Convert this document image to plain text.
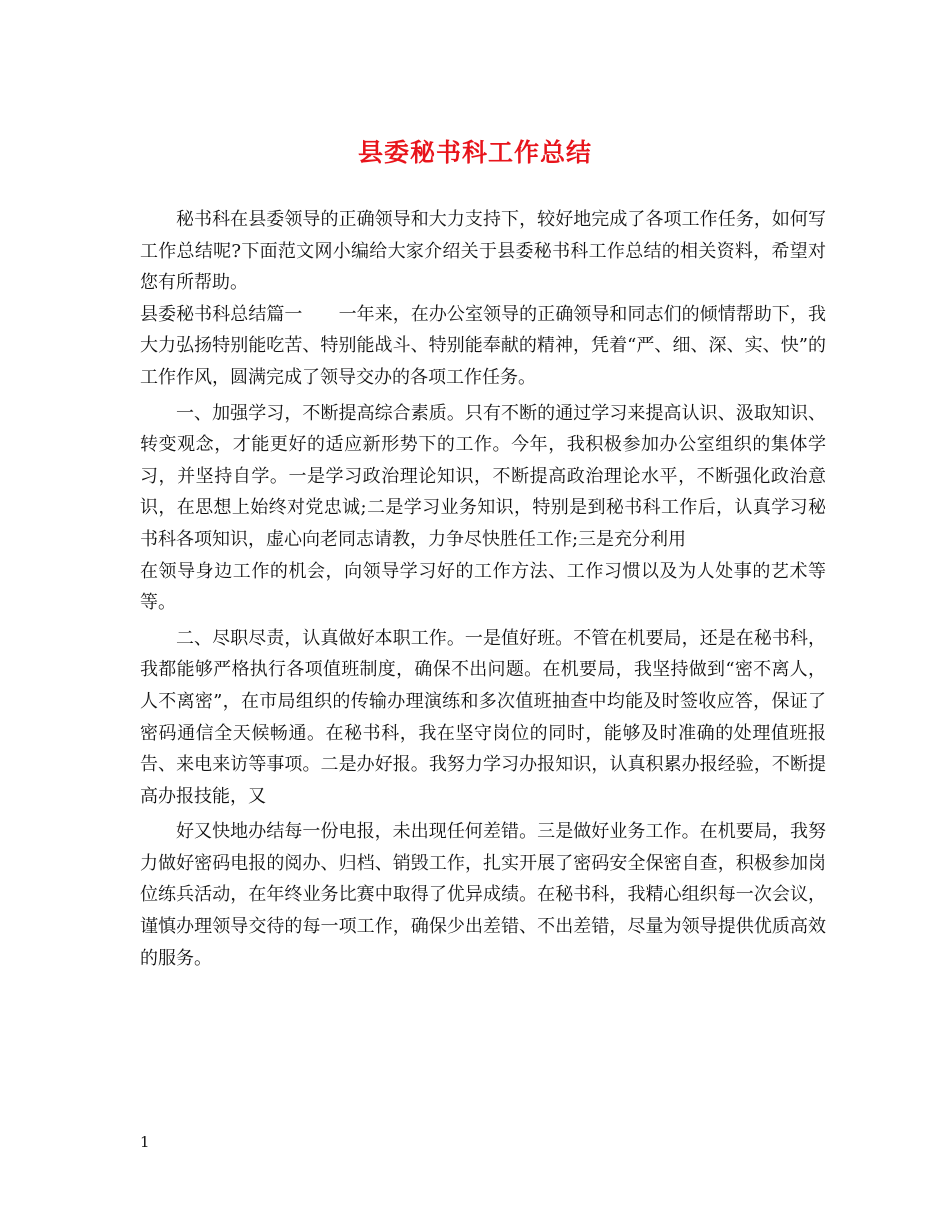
县委秘书科工作总结

秘书科在县委领导的正确领导和大力支持下，较好地完成了各项工作任务，如何写工作总结呢?下面范文网小编给大家介绍关于县委秘书科工作总结的相关资料，希望对您有所帮助。

县委秘书科总结篇一　　一年来，在办公室领导的正确领导和同志们的倾情帮助下，我大力弘扬特别能吃苦、特别能战斗、特别能奉献的精神，凭着“严、细、深、实、快”的工作作风，圆满完成了领导交办的各项工作任务。

一、加强学习，不断提高综合素质。只有不断的通过学习来提高认识、汲取知识、转变观念，才能更好的适应新形势下的工作。今年，我积极参加办公室组织的集体学习，并坚持自学。一是学习政治理论知识，不断提高政治理论水平，不断强化政治意识，在思想上始终对党忠诚;二是学习业务知识，特别是到秘书科工作后，认真学习秘书科各项知识，虚心向老同志请教，力争尽快胜任工作;三是充分利用

在领导身边工作的机会，向领导学习好的工作方法、工作习惯以及为人处事的艺术等等。

二、尽职尽责，认真做好本职工作。一是值好班。不管在机要局，还是在秘书科，我都能够严格执行各项值班制度，确保不出问题。在机要局，我坚持做到“密不离人，人不离密”，在市局组织的传输办理演练和多次值班抽查中均能及时签收应答，保证了密码通信全天候畅通。在秘书科，我在坚守岗位的同时，能够及时准确的处理值班报告、来电来访等事项。二是办好报。我努力学习办报知识，认真积累办报经验，不断提高办报技能，又

好又快地办结每一份电报，未出现任何差错。三是做好业务工作。在机要局，我努力做好密码电报的阅办、归档、销毁工作，扎实开展了密码安全保密自查，积极参加岗位练兵活动，在年终业务比赛中取得了优异成绩。在秘书科，我精心组织每一次会议，谨慎办理领导交待的每一项工作，确保少出差错、不出差错，尽量为领导提供优质高效的服务。

1
